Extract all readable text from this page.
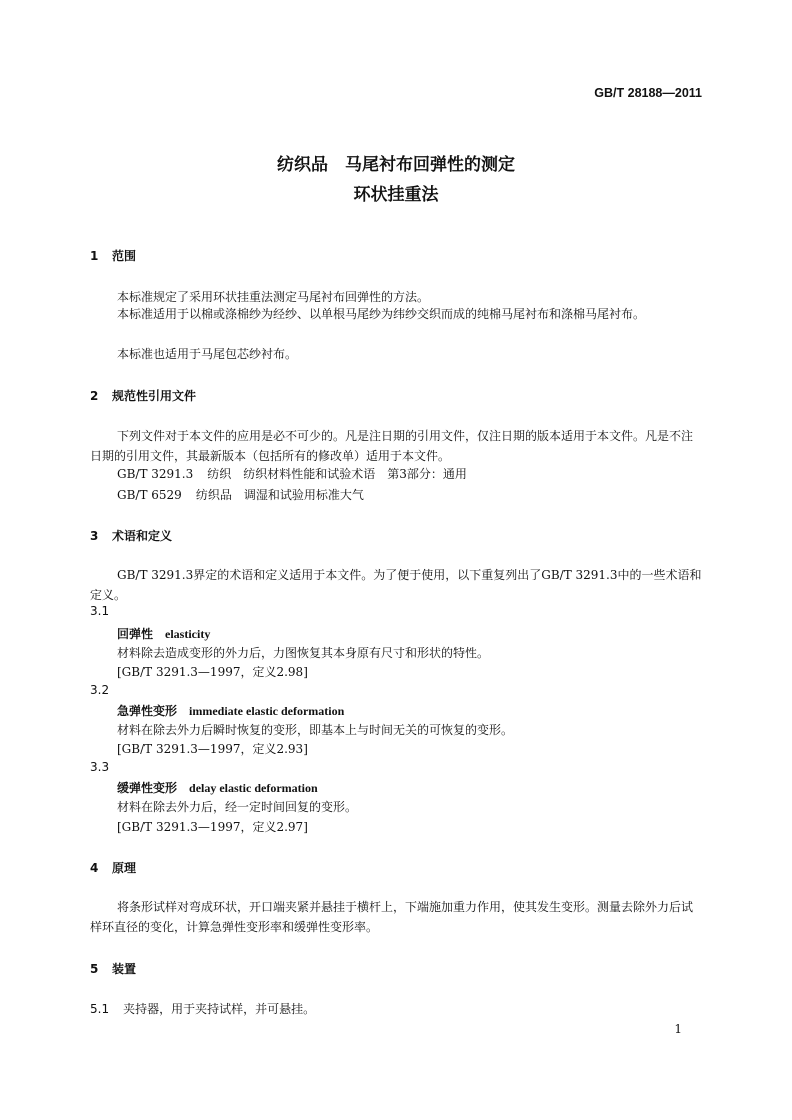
GB/T 28188—2011
纺织品　马尾衬布回弹性的测定
环状挂重法
1 范围
本标准规定了采用环状挂重法测定马尾衬布回弹性的方法。
本标准适用于以棉或涤棉纱为经纱、以单根马尾纱为纬纱交织而成的纯棉马尾衬布和涤棉马尾衬布。
本标准也适用于马尾包芯纱衬布。
2 规范性引用文件
下列文件对于本文件的应用是必不可少的。凡是注日期的引用文件，仅注日期的版本适用于本文件。凡是不注日期的引用文件，其最新版本（包括所有的修改单）适用于本文件。
GB/T 3291.3 纺织　纺织材料性能和试验术语　第3部分：通用
GB/T 6529 纺织品　调湿和试验用标准大气
3 术语和定义
GB/T 3291.3界定的术语和定义适用于本文件。为了便于使用，以下重复列出了GB/T 3291.3中的一些术语和定义。
3.1
回弹性 elasticity
材料除去造成变形的外力后，力图恢复其本身原有尺寸和形状的特性。
[GB/T 3291.3—1997，定义2.98]
3.2
急弹性变形 immediate elastic deformation
材料在除去外力后瞬时恢复的变形，即基本上与时间无关的可恢复的变形。
[GB/T 3291.3—1997，定义2.93]
3.3
缓弹性变形 delay elastic deformation
材料在除去外力后，经一定时间回复的变形。
[GB/T 3291.3—1997，定义2.97]
4 原理
将条形试样对弯成环状，开口端夹紧并悬挂于横杆上，下端施加重力作用，使其发生变形。测量去除外力后试样环直径的变化，计算急弹性变形率和缓弹性变形率。
5 装置
5.1 夹持器，用于夹持试样，并可悬挂。
1
